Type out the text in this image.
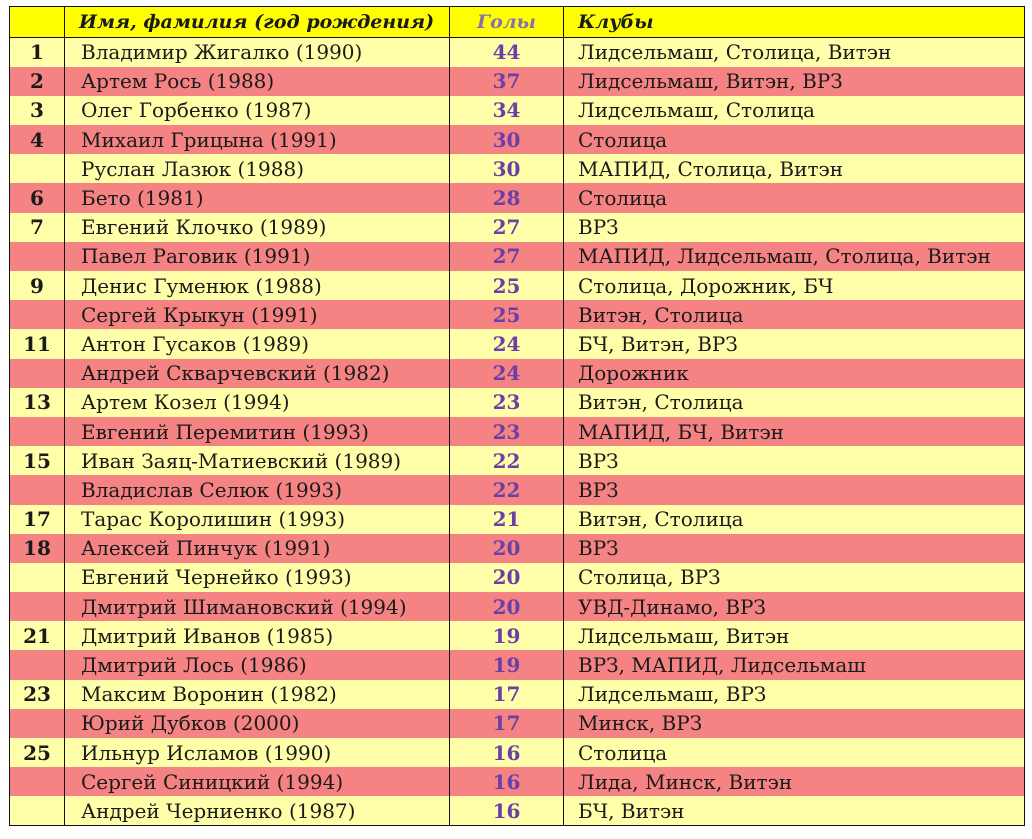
	Имя, фамилия (год рождения)	Голы	Клубы
1	Владимир Жигалко (1990)	44	Лидсельмаш, Столица, Витэн
2	Артем Рось (1988)	37	Лидсельмаш, Витэн, ВРЗ
3	Олег Горбенко (1987)	34	Лидсельмаш, Столица
4	Михаил Грицына (1991)	30	Столица
	Руслан Лазюк (1988)	30	МАПИД, Столица, Витэн
6	Бето (1981)	28	Столица
7	Евгений Клочко (1989)	27	ВРЗ
	Павел Раговик (1991)	27	МАПИД, Лидсельмаш, Столица, Витэн
9	Денис Гуменюк (1988)	25	Столица, Дорожник, БЧ
	Сергей Крыкун (1991)	25	Витэн, Столица
11	Антон Гусаков (1989)	24	БЧ, Витэн, ВРЗ
	Андрей Скварчевский (1982)	24	Дорожник
13	Артем Козел (1994)	23	Витэн, Столица
	Евгений Перемитин (1993)	23	МАПИД, БЧ, Витэн
15	Иван Заяц-Матиевский (1989)	22	ВРЗ
	Владислав Селюк (1993)	22	ВРЗ
17	Тарас Королишин (1993)	21	Витэн, Столица
18	Алексей Пинчук (1991)	20	ВРЗ
	Евгений Чернейко (1993)	20	Столица, ВРЗ
	Дмитрий Шимановский (1994)	20	УВД-Динамо, ВРЗ
21	Дмитрий Иванов (1985)	19	Лидсельмаш, Витэн
	Дмитрий Лось (1986)	19	ВРЗ, МАПИД, Лидсельмаш
23	Максим Воронин (1982)	17	Лидсельмаш, ВРЗ
	Юрий Дубков (2000)	17	Минск, ВРЗ
25	Ильнур Исламов (1990)	16	Столица
	Сергей Синицкий (1994)	16	Лида, Минск, Витэн
	Андрей Черниенко (1987)	16	БЧ, Витэн
